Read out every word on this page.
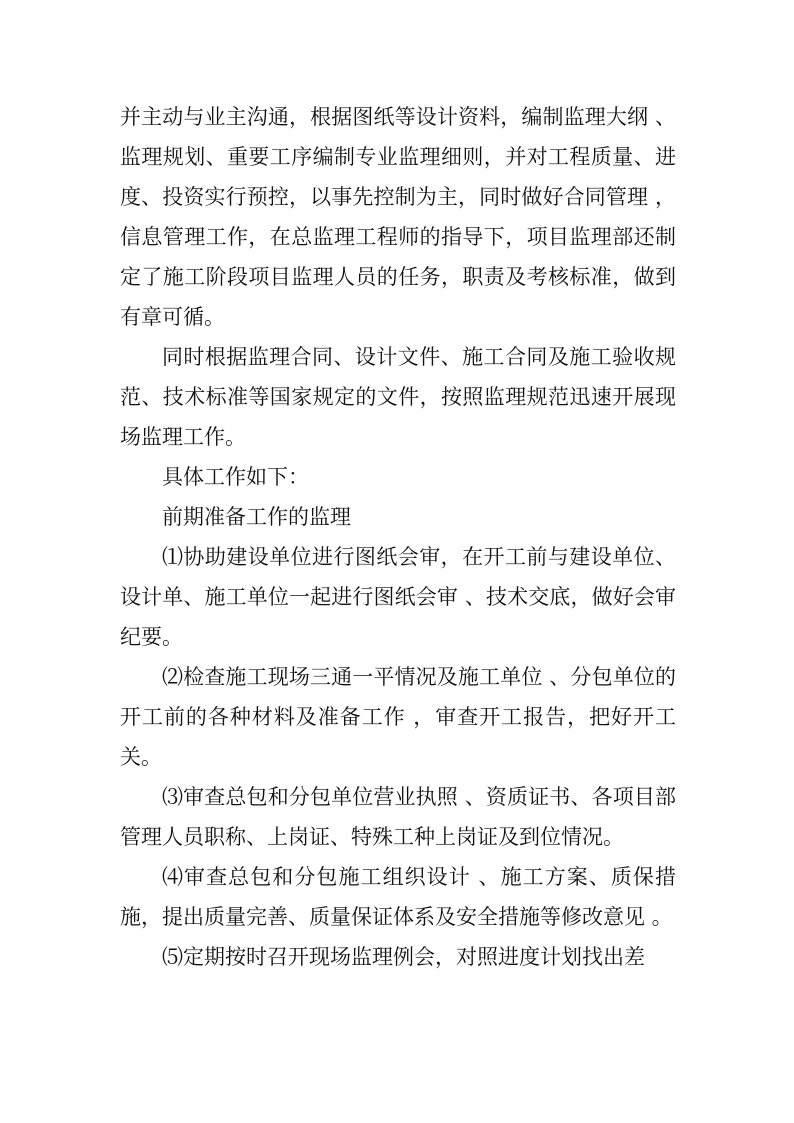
并主动与业主沟通，根据图纸等设计资料，编制监理大纲 、监理规划、重要工序编制专业监理细则，并对工程质量、进度、投资实行预控，以事先控制为主，同时做好合同管理 ，信息管理工作，在总监理工程师的指导下，项目监理部还制定了施工阶段项目监理人员的任务，职责及考核标准，做到有章可循。

同时根据监理合同、设计文件、施工合同及施工验收规范、技术标准等国家规定的文件，按照监理规范迅速开展现场监理工作。

具体工作如下：

前期准备工作的监理

⑴协助建设单位进行图纸会审，在开工前与建设单位、设计单、施工单位一起进行图纸会审 、技术交底，做好会审纪要。

⑵检查施工现场三通一平情况及施工单位 、分包单位的开工前的各种材料及准备工作 ，审查开工报告，把好开工关。

⑶审查总包和分包单位营业执照 、资质证书、各项目部管理人员职称、上岗证、特殊工种上岗证及到位情况。

⑷审查总包和分包施工组织设计 、施工方案、质保措施，提出质量完善、质量保证体系及安全措施等修改意见 。

⑸定期按时召开现场监理例会，对照进度计划找出差
